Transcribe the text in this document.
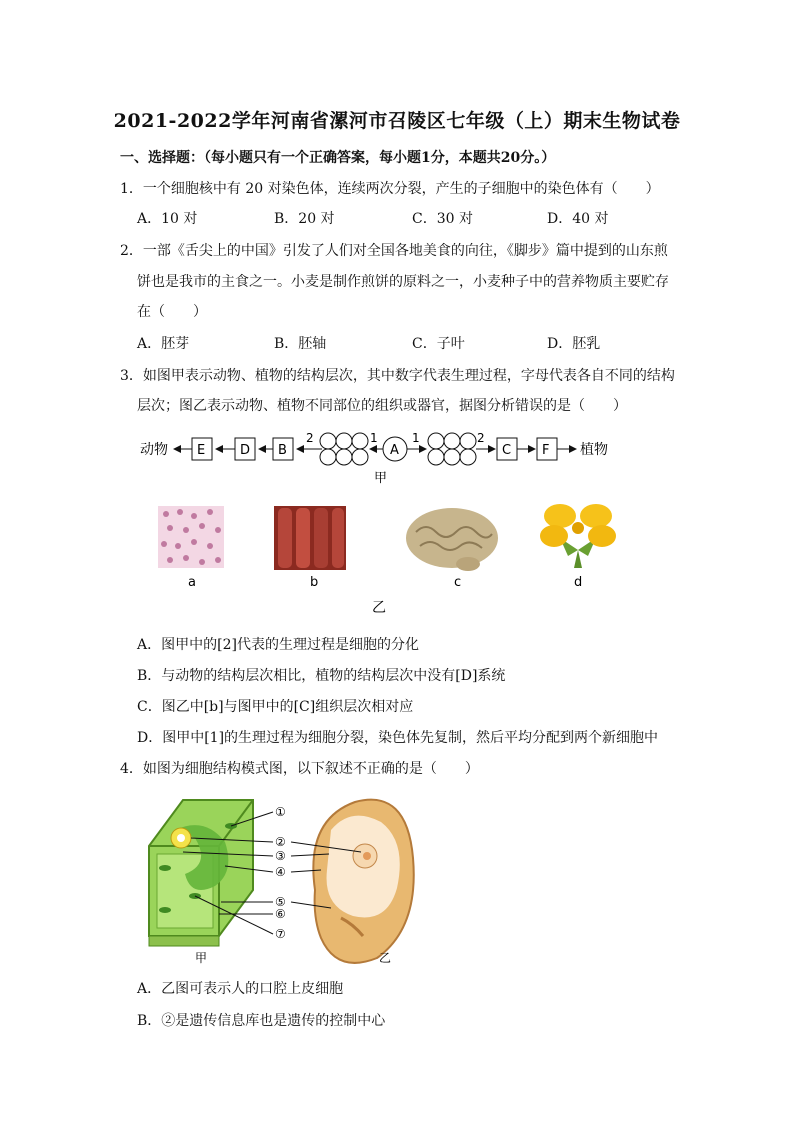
2021-2022学年河南省漯河市召陵区七年级（上）期末生物试卷
一、选择题：（每小题只有一个正确答案，每小题1分，本题共20分。）
1．一个细胞核中有 20 对染色体，连续两次分裂，产生的子细胞中的染色体有（　　）
A．10 对	B．20 对	C．30 对	D．40 对
2．一部《舌尖上的中国》引发了人们对全国各地美食的向往，《脚步》篇中提到的山东煎
饼也是我市的主食之一。小麦是制作煎饼的原料之一，小麦种子中的营养物质主要贮存
在（　　）
A．胚芽	B．胚轴	C．子叶	D．胚乳
3．如图甲表示动物、植物的结构层次，其中数字代表生理过程，字母代表各自不同的结构
层次；图乙表示动物、植物不同部位的组织或器官，据图分析错误的是（　　）
动物 E	D B
2	1
A
1	2
C F 植物
甲
a	b	c	d
乙
A．图甲中的[2]代表的生理过程是细胞的分化
B．与动物的结构层次相比，植物的结构层次中没有[D]系统
C．图乙中[b]与图甲中的[C]组织层次相对应
D．图甲中[1]的生理过程为细胞分裂，染色体先复制，然后平均分配到两个新细胞中
4．如图为细胞结构模式图，以下叙述不正确的是（　　）
①
②
③
④
⑤
⑥
⑦
甲	乙
A．乙图可表示人的口腔上皮细胞
B．②是遗传信息库也是遗传的控制中心
